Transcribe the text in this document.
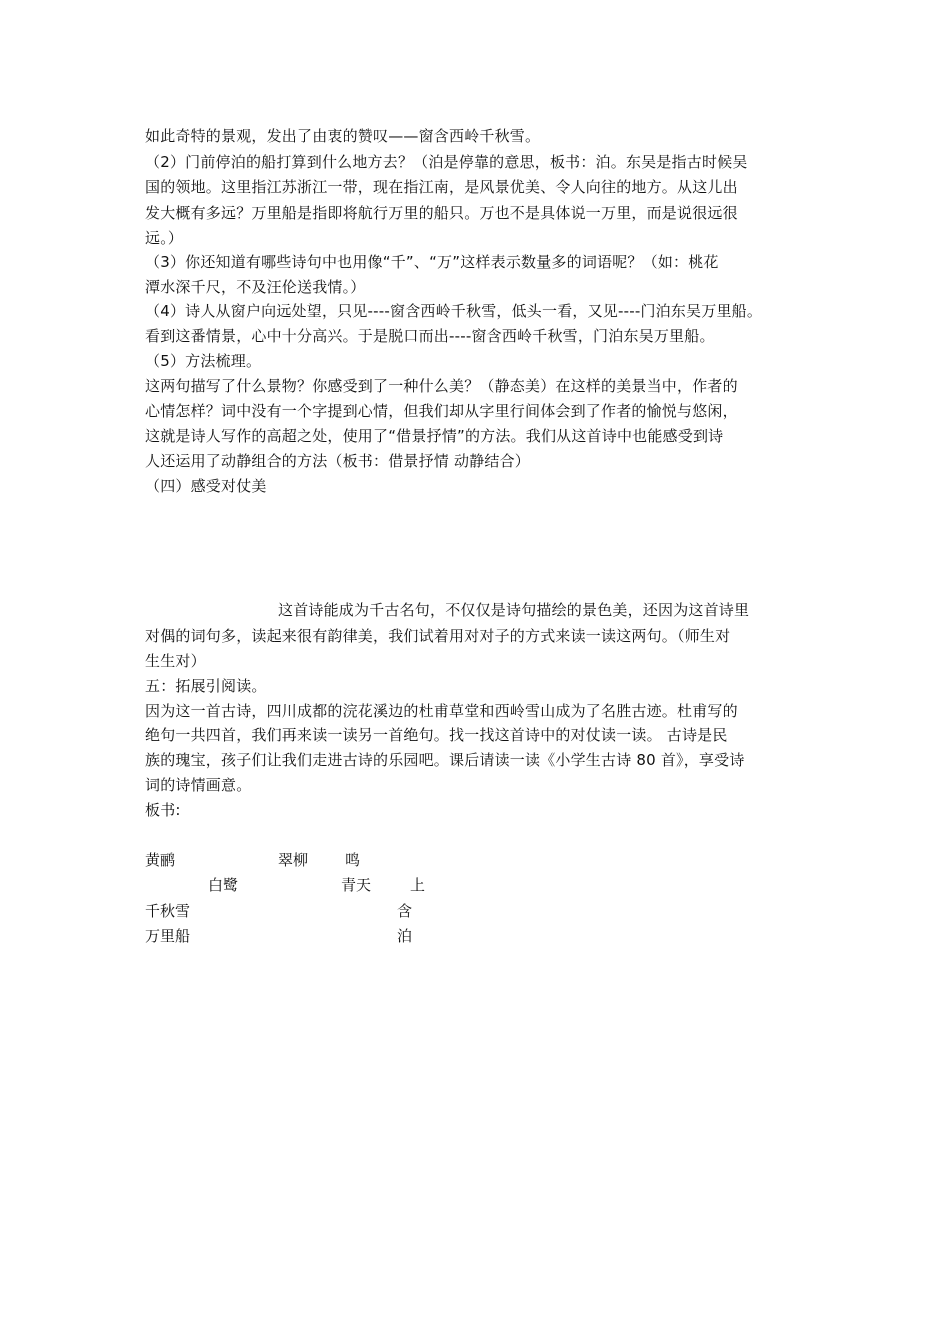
如此奇特的景观，发出了由衷的赞叹——窗含西岭千秋雪。
（2）门前停泊的船打算到什么地方去？（泊是停靠的意思，板书：泊。东吴是指古时候吴
国的领地。这里指江苏浙江一带，现在指江南，是风景优美、令人向往的地方。从这儿出
发大概有多远？万里船是指即将航行万里的船只。万也不是具体说一万里，而是说很远很
远。）
（3）你还知道有哪些诗句中也用像“千”、“万”这样表示数量多的词语呢？（如：桃花
潭水深千尺，不及汪伦送我情。）
（4）诗人从窗户向远处望，只见----窗含西岭千秋雪，低头一看，又见----门泊东吴万里船。
看到这番情景，心中十分高兴。于是脱口而出----窗含西岭千秋雪，门泊东吴万里船。
（5）方法梳理。
这两句描写了什么景物？你感受到了一种什么美？（静态美）在这样的美景当中，作者的
心情怎样？词中没有一个字提到心情，但我们却从字里行间体会到了作者的愉悦与悠闲，
这就是诗人写作的高超之处，使用了“借景抒情”的方法。我们从这首诗中也能感受到诗
人还运用了动静组合的方法（板书：借景抒情 动静结合）
（四）感受对仗美
这首诗能成为千古名句，不仅仅是诗句描绘的景色美，还因为这首诗里
对偶的词句多，读起来很有韵律美，我们试着用对对子的方式来读一读这两句。（师生对
生生对）
五：拓展引阅读。
因为这一首古诗，四川成都的浣花溪边的杜甫草堂和西岭雪山成为了名胜古迹。杜甫写的
绝句一共四首，我们再来读一读另一首绝句。找一找这首诗中的对仗读一读。 古诗是民
族的瑰宝，孩子们让我们走进古诗的乐园吧。课后请读一读《小学生古诗 80 首》，享受诗
词的诗情画意。
板书:
黄鹂	翠柳 鸣
白鹭	青天	上
千秋雪	含
万里船	泊
